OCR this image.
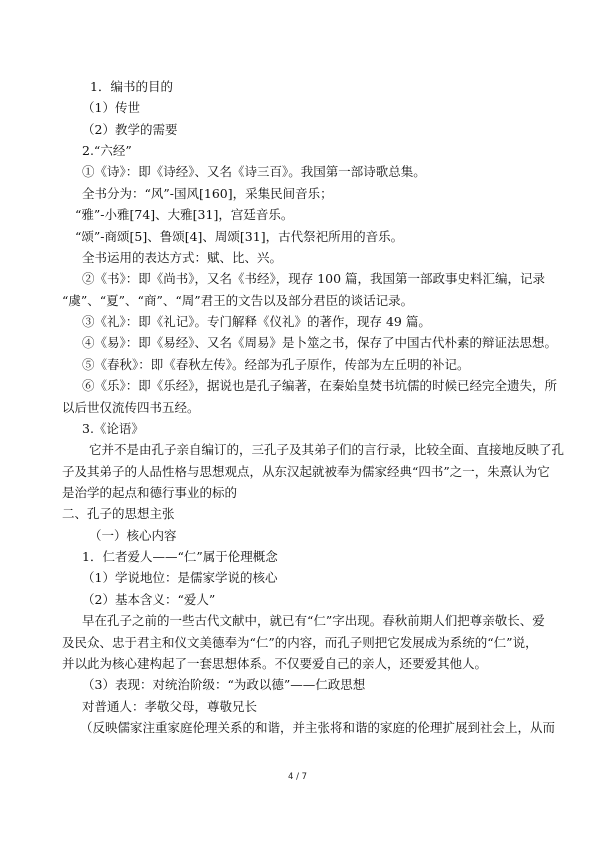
1．编书的目的
（1）传世
（2）教学的需要
2.“六经”
①《诗》：即《诗经》、又名《诗三百》。我国第一部诗歌总集。
全书分为：“风”-国风[160]，采集民间音乐；
“雅”-小雅[74]、大雅[31]，宫廷音乐。
“颂”-商颂[5]、鲁颂[4]、周颂[31]，古代祭祀所用的音乐。
全书运用的表达方式：赋、比、兴。
②《书》：即《尚书》，又名《书经》，现存 100 篇，我国第一部政事史料汇编，记录
“虞”、“夏”、“商”、“周”君王的文告以及部分君臣的谈话记录。
③《礼》：即《礼记》。专门解释《仪礼》的著作，现存 49 篇。
④《易》：即《易经》、又名《周易》是卜筮之书，保存了中国古代朴素的辩证法思想。
⑤《春秋》：即《春秋左传》。经部为孔子原作，传部为左丘明的补记。
⑥《乐》：即《乐经》，据说也是孔子编著，在秦始皇焚书坑儒的时候已经完全遗失，所
以后世仅流传四书五经。
3.《论语》
它并不是由孔子亲自编订的，三孔子及其弟子们的言行录，比较全面、直接地反映了孔
子及其弟子的人品性格与思想观点，从东汉起就被奉为儒家经典“四书”之一，朱熹认为它
是治学的起点和德行事业的标的
二、孔子的思想主张
（一）核心内容
1．仁者爱人——“仁”属于伦理概念
（1）学说地位：是儒家学说的核心
（2）基本含义：“爱人”
早在孔子之前的一些古代文献中，就已有“仁”字出现。春秋前期人们把尊亲敬长、爱
及民众、忠于君主和仪文美德奉为“仁”的内容，而孔子则把它发展成为系统的“仁”说，
并以此为核心建构起了一套思想体系。不仅要爱自己的亲人，还要爱其他人。
（3）表现：对统治阶级：“为政以德”——仁政思想
对普通人：孝敬父母，尊敬兄长
（反映儒家注重家庭伦理关系的和谐，并主张将和谐的家庭的伦理扩展到社会上，从而
4 / 7
